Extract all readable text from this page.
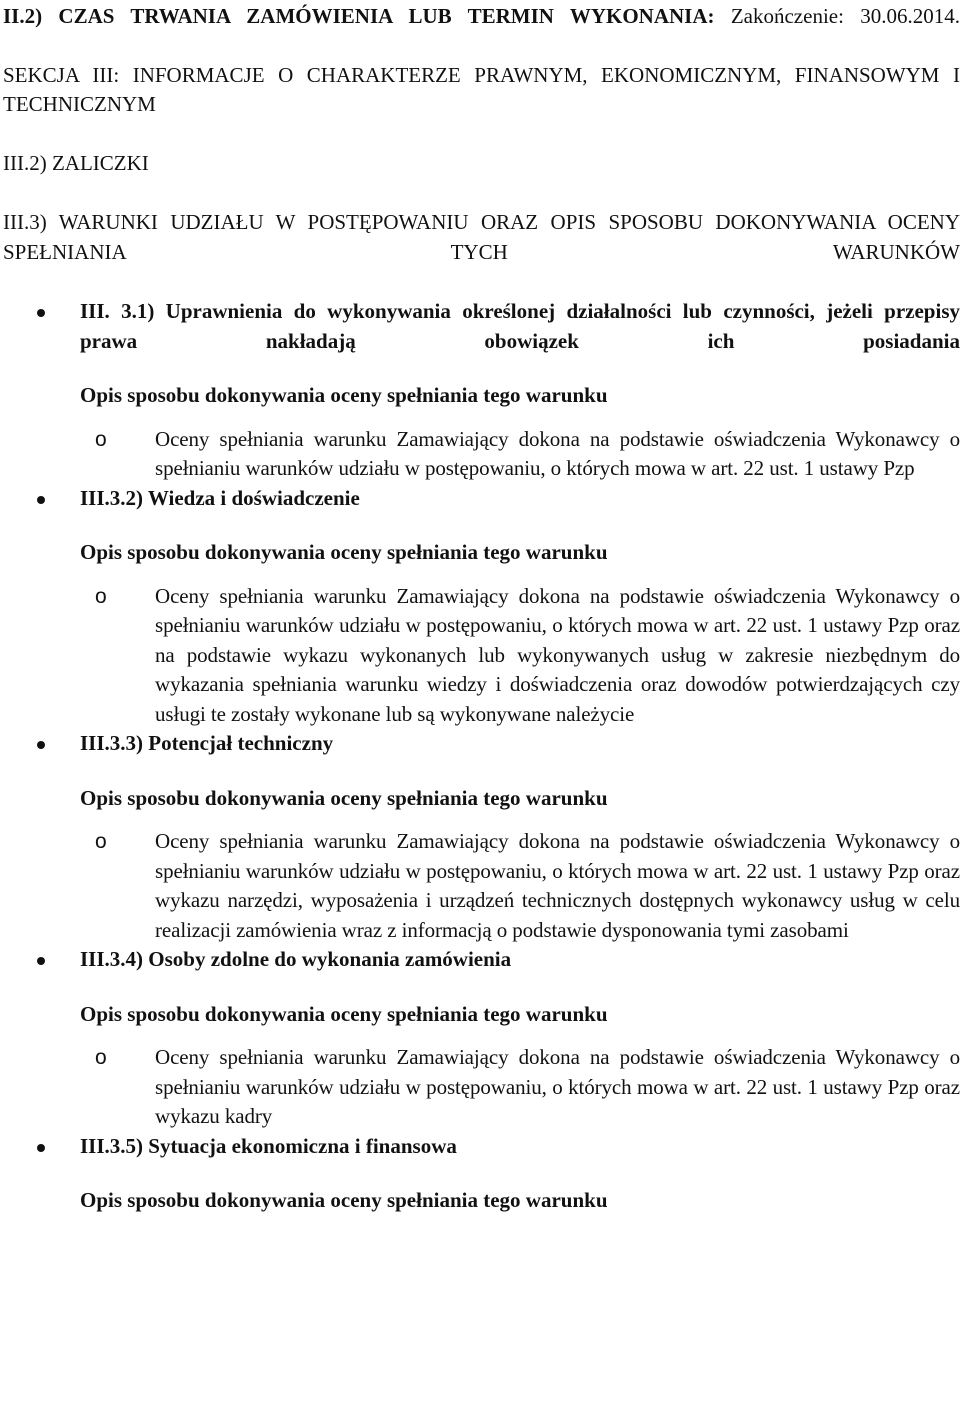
II.2) CZAS TRWANIA ZAMÓWIENIA LUB TERMIN WYKONANIA: Zakończenie: 30.06.2014.

SEKCJA III: INFORMACJE O CHARAKTERZE PRAWNYM, EKONOMICZNYM, FINANSOWYM I TECHNICZNYM

III.2) ZALICZKI

III.3) WARUNKI UDZIAŁU W POSTĘPOWANIU ORAZ OPIS SPOSOBU DOKONYWANIA OCENY SPEŁNIANIA TYCH WARUNKÓW

III. 3.1) Uprawnienia do wykonywania określonej działalności lub czynności, jeżeli przepisy prawa nakładają obowiązek ich posiadania

Opis sposobu dokonywania oceny spełniania tego warunku

o Oceny spełniania warunku Zamawiający dokona na podstawie oświadczenia Wykonawcy o spełnianiu warunków udziału w postępowaniu, o których mowa w art. 22 ust. 1 ustawy Pzp

III.3.2) Wiedza i doświadczenie

Opis sposobu dokonywania oceny spełniania tego warunku

o Oceny spełniania warunku Zamawiający dokona na podstawie oświadczenia Wykonawcy o spełnianiu warunków udziału w postępowaniu, o których mowa w art. 22 ust. 1 ustawy Pzp oraz na podstawie wykazu wykonanych lub wykonywanych usług w zakresie niezbędnym do wykazania spełniania warunku wiedzy i doświadczenia oraz dowodów potwierdzających czy usługi te zostały wykonane lub są wykonywane należycie

III.3.3) Potencjał techniczny

Opis sposobu dokonywania oceny spełniania tego warunku

o Oceny spełniania warunku Zamawiający dokona na podstawie oświadczenia Wykonawcy o spełnianiu warunków udziału w postępowaniu, o których mowa w art. 22 ust. 1 ustawy Pzp oraz wykazu narzędzi, wyposażenia i urządzeń technicznych dostępnych wykonawcy usług w celu realizacji zamówienia wraz z informacją o podstawie dysponowania tymi zasobami

III.3.4) Osoby zdolne do wykonania zamówienia

Opis sposobu dokonywania oceny spełniania tego warunku

o Oceny spełniania warunku Zamawiający dokona na podstawie oświadczenia Wykonawcy o spełnianiu warunków udziału w postępowaniu, o których mowa w art. 22 ust. 1 ustawy Pzp oraz wykazu kadry

III.3.5) Sytuacja ekonomiczna i finansowa

Opis sposobu dokonywania oceny spełniania tego warunku
